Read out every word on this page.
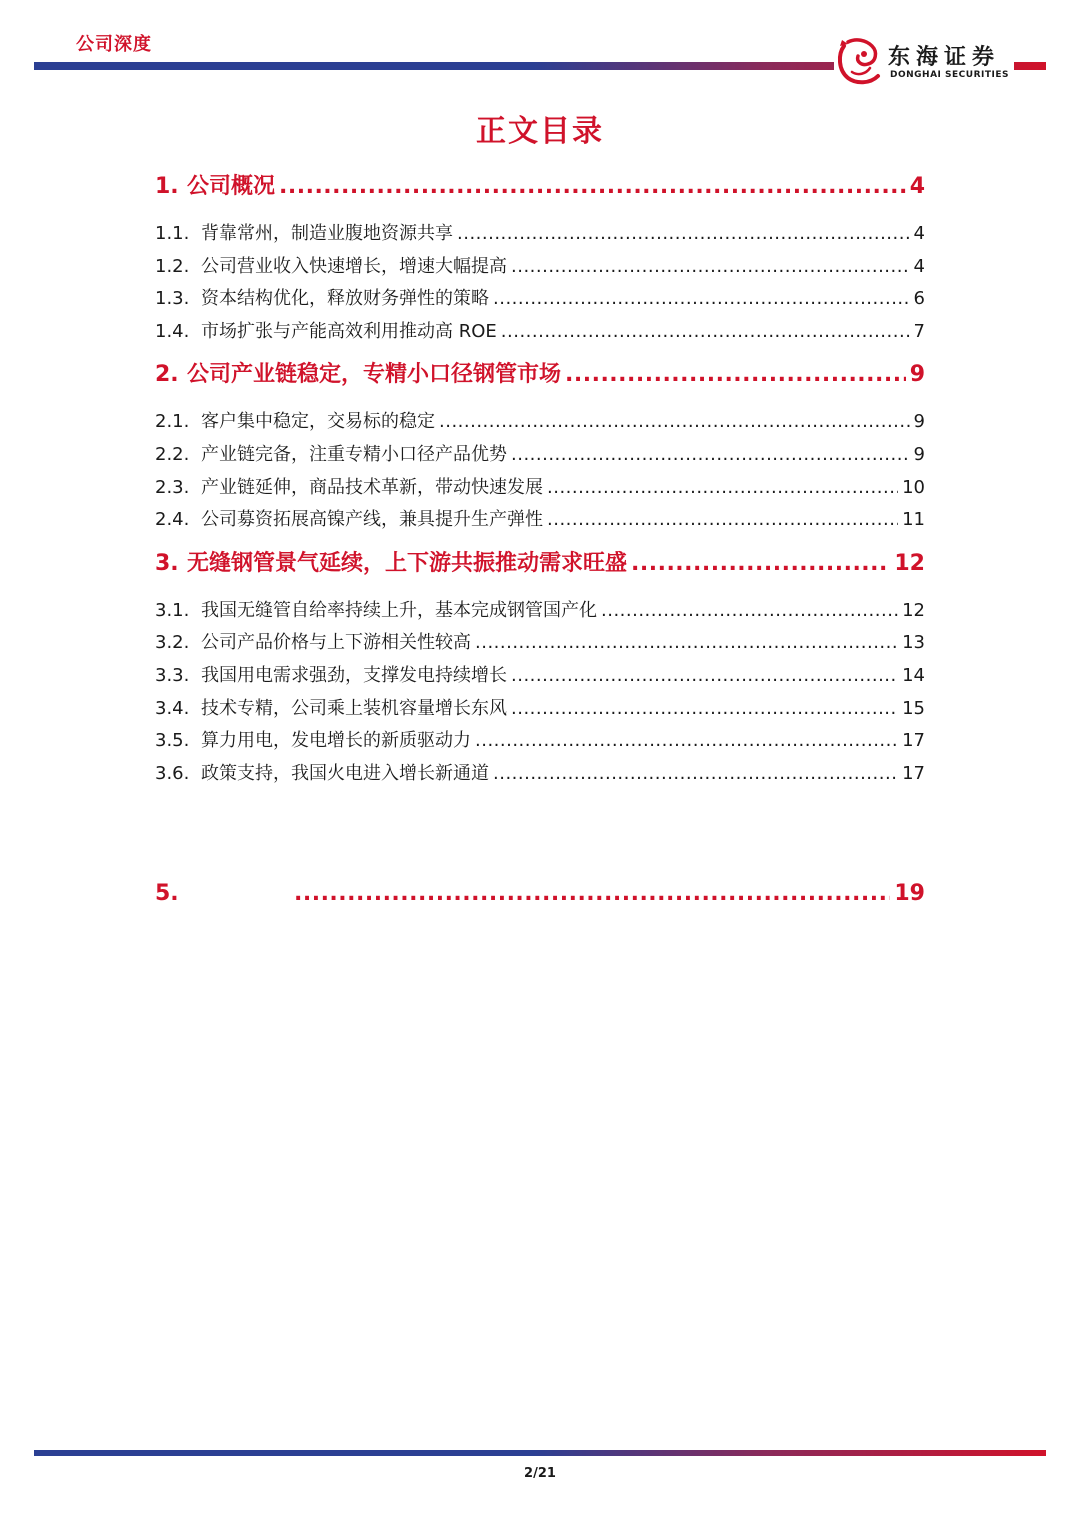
公司深度
东海证券
DONGHAI SECURITIES
正文目录
1. 公司概况 .....	4
1.1. 背靠常州，制造业腹地资源共享 .....	4
1.2. 公司营业收入快速增长，增速大幅提高 .....	4
1.3. 资本结构优化，释放财务弹性的策略 .....	6
1.4. 市场扩张与产能高效利用推动高 ROE .....	7
2. 公司产业链稳定，专精小口径钢管市场 .....	9
2.1. 客户集中稳定，交易标的稳定 .....	9
2.2. 产业链完备，注重专精小口径产品优势 .....	9
2.3. 产业链延伸，商品技术革新，带动快速发展 .....	10
2.4. 公司募资拓展高镍产线，兼具提升生产弹性 .....	11
3. 无缝钢管景气延续，上下游共振推动需求旺盛 .....	12
3.1. 我国无缝管自给率持续上升，基本完成钢管国产化 .....	12
3.2. 公司产品价格与上下游相关性较高 .....	13
3.3. 我国用电需求强劲，支撑发电持续增长 .....	14
3.4. 技术专精，公司乘上装机容量增长东风 .....	15
3.5. 算力用电，发电增长的新质驱动力 .....	17
3.6. 政策支持，我国火电进入增长新通道 .....	17
5. .....	19
2/21
